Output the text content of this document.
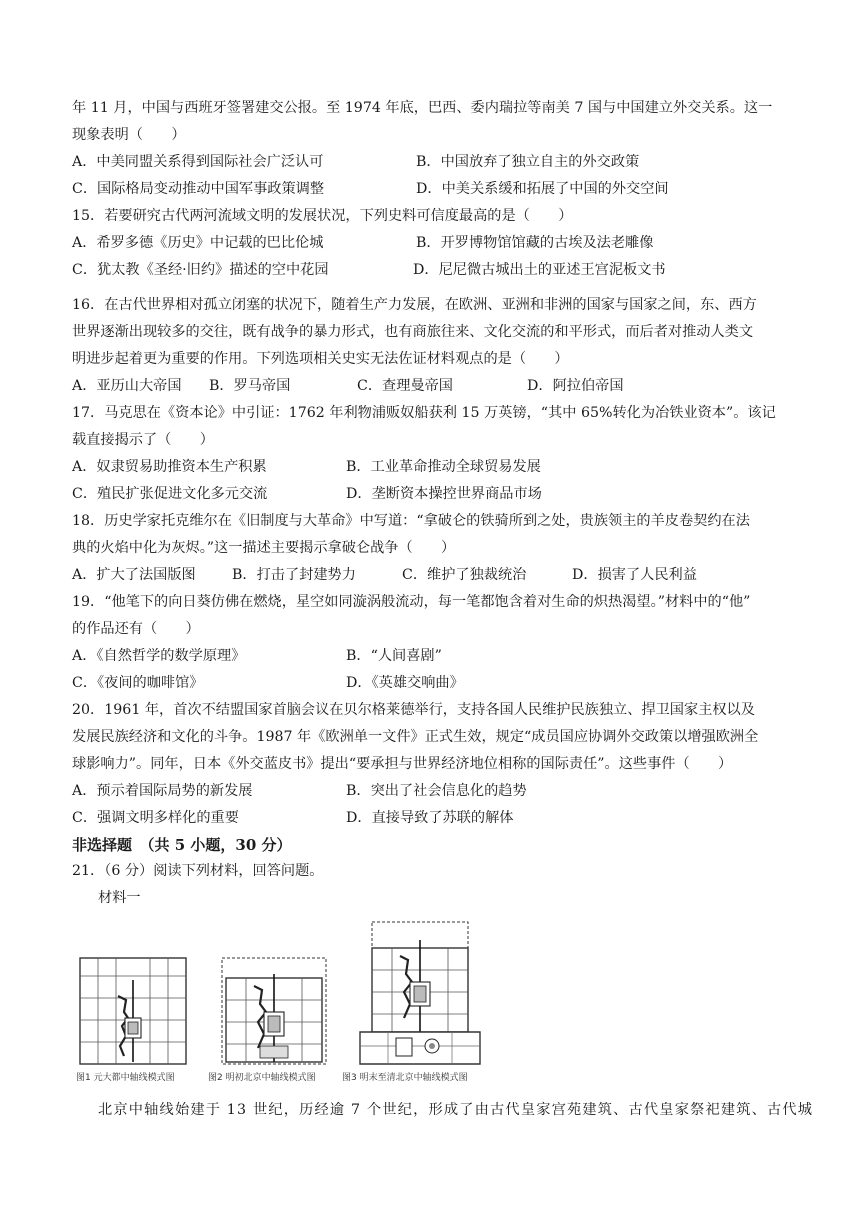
年 11 月，中国与西班牙签署建交公报。至 1974 年底，巴西、委内瑞拉等南美 7 国与中国建立外交关系。这一
现象表明（　　）
A．中美同盟关系得到国际社会广泛认可	B．中国放弃了独立自主的外交政策
C．国际格局变动推动中国军事政策调整	D．中美关系缓和拓展了中国的外交空间
15．若要研究古代两河流域文明的发展状况，下列史料可信度最高的是（　　）
A．希罗多德《历史》中记载的巴比伦城	B．开罗博物馆馆藏的古埃及法老雕像
C．犹太教《圣经·旧约》描述的空中花园	D．尼尼微古城出土的亚述王宫泥板文书
16．在古代世界相对孤立闭塞的状况下，随着生产力发展，在欧洲、亚洲和非洲的国家与国家之间，东、西方
世界逐渐出现较多的交往，既有战争的暴力形式，也有商旅往来、文化交流的和平形式，而后者对推动人类文
明进步起着更为重要的作用。下列选项相关史实无法佐证材料观点的是（　　）
A．亚历山大帝国 B．罗马帝国	C．查理曼帝国	D．阿拉伯帝国
17．马克思在《资本论》中引证：1762 年利物浦贩奴船获利 15 万英镑，“其中 65%转化为冶铁业资本”。该记
载直接揭示了（　　）
A．奴隶贸易助推资本生产积累	B．工业革命推动全球贸易发展
C．殖民扩张促进文化多元交流	D．垄断资本操控世界商品市场
18．历史学家托克维尔在《旧制度与大革命》中写道：“拿破仑的铁骑所到之处，贵族领主的羊皮卷契约在法
典的火焰中化为灰烬。”这一描述主要揭示拿破仑战争（　　）
A．扩大了法国版图	B．打击了封建势力	C．维护了独裁统治	D．损害了人民利益
19．“他笔下的向日葵仿佛在燃烧，星空如同漩涡般流动，每一笔都饱含着对生命的炽热渴望。”材料中的“他”
的作品还有（　　）
A．《自然哲学的数学原理》	B．“人间喜剧”
C．《夜间的咖啡馆》	D．《英雄交响曲》
20．1961 年，首次不结盟国家首脑会议在贝尔格莱德举行，支持各国人民维护民族独立、捍卫国家主权以及
发展民族经济和文化的斗争。1987 年《欧洲单一文件》正式生效，规定“成员国应协调外交政策以增强欧洲全
球影响力”。同年，日本《外交蓝皮书》提出“要承担与世界经济地位相称的国际责任”。这些事件（　　）
A．预示着国际局势的新发展	B．突出了社会信息化的趋势
C．强调文明多样化的重要	D．直接导致了苏联的解体
非选择题　（共 5 小题，30 分）
21．（6 分）阅读下列材料，回答问题。
材料一
图1 元大都中轴线模式图	图2 明初北京中轴线模式图	图3 明末至清北京中轴线模式图
北京中轴线始建于 13 世纪，历经逾 7 个世纪，形成了由古代皇家宫苑建筑、古代皇家祭祀建筑、古代城
